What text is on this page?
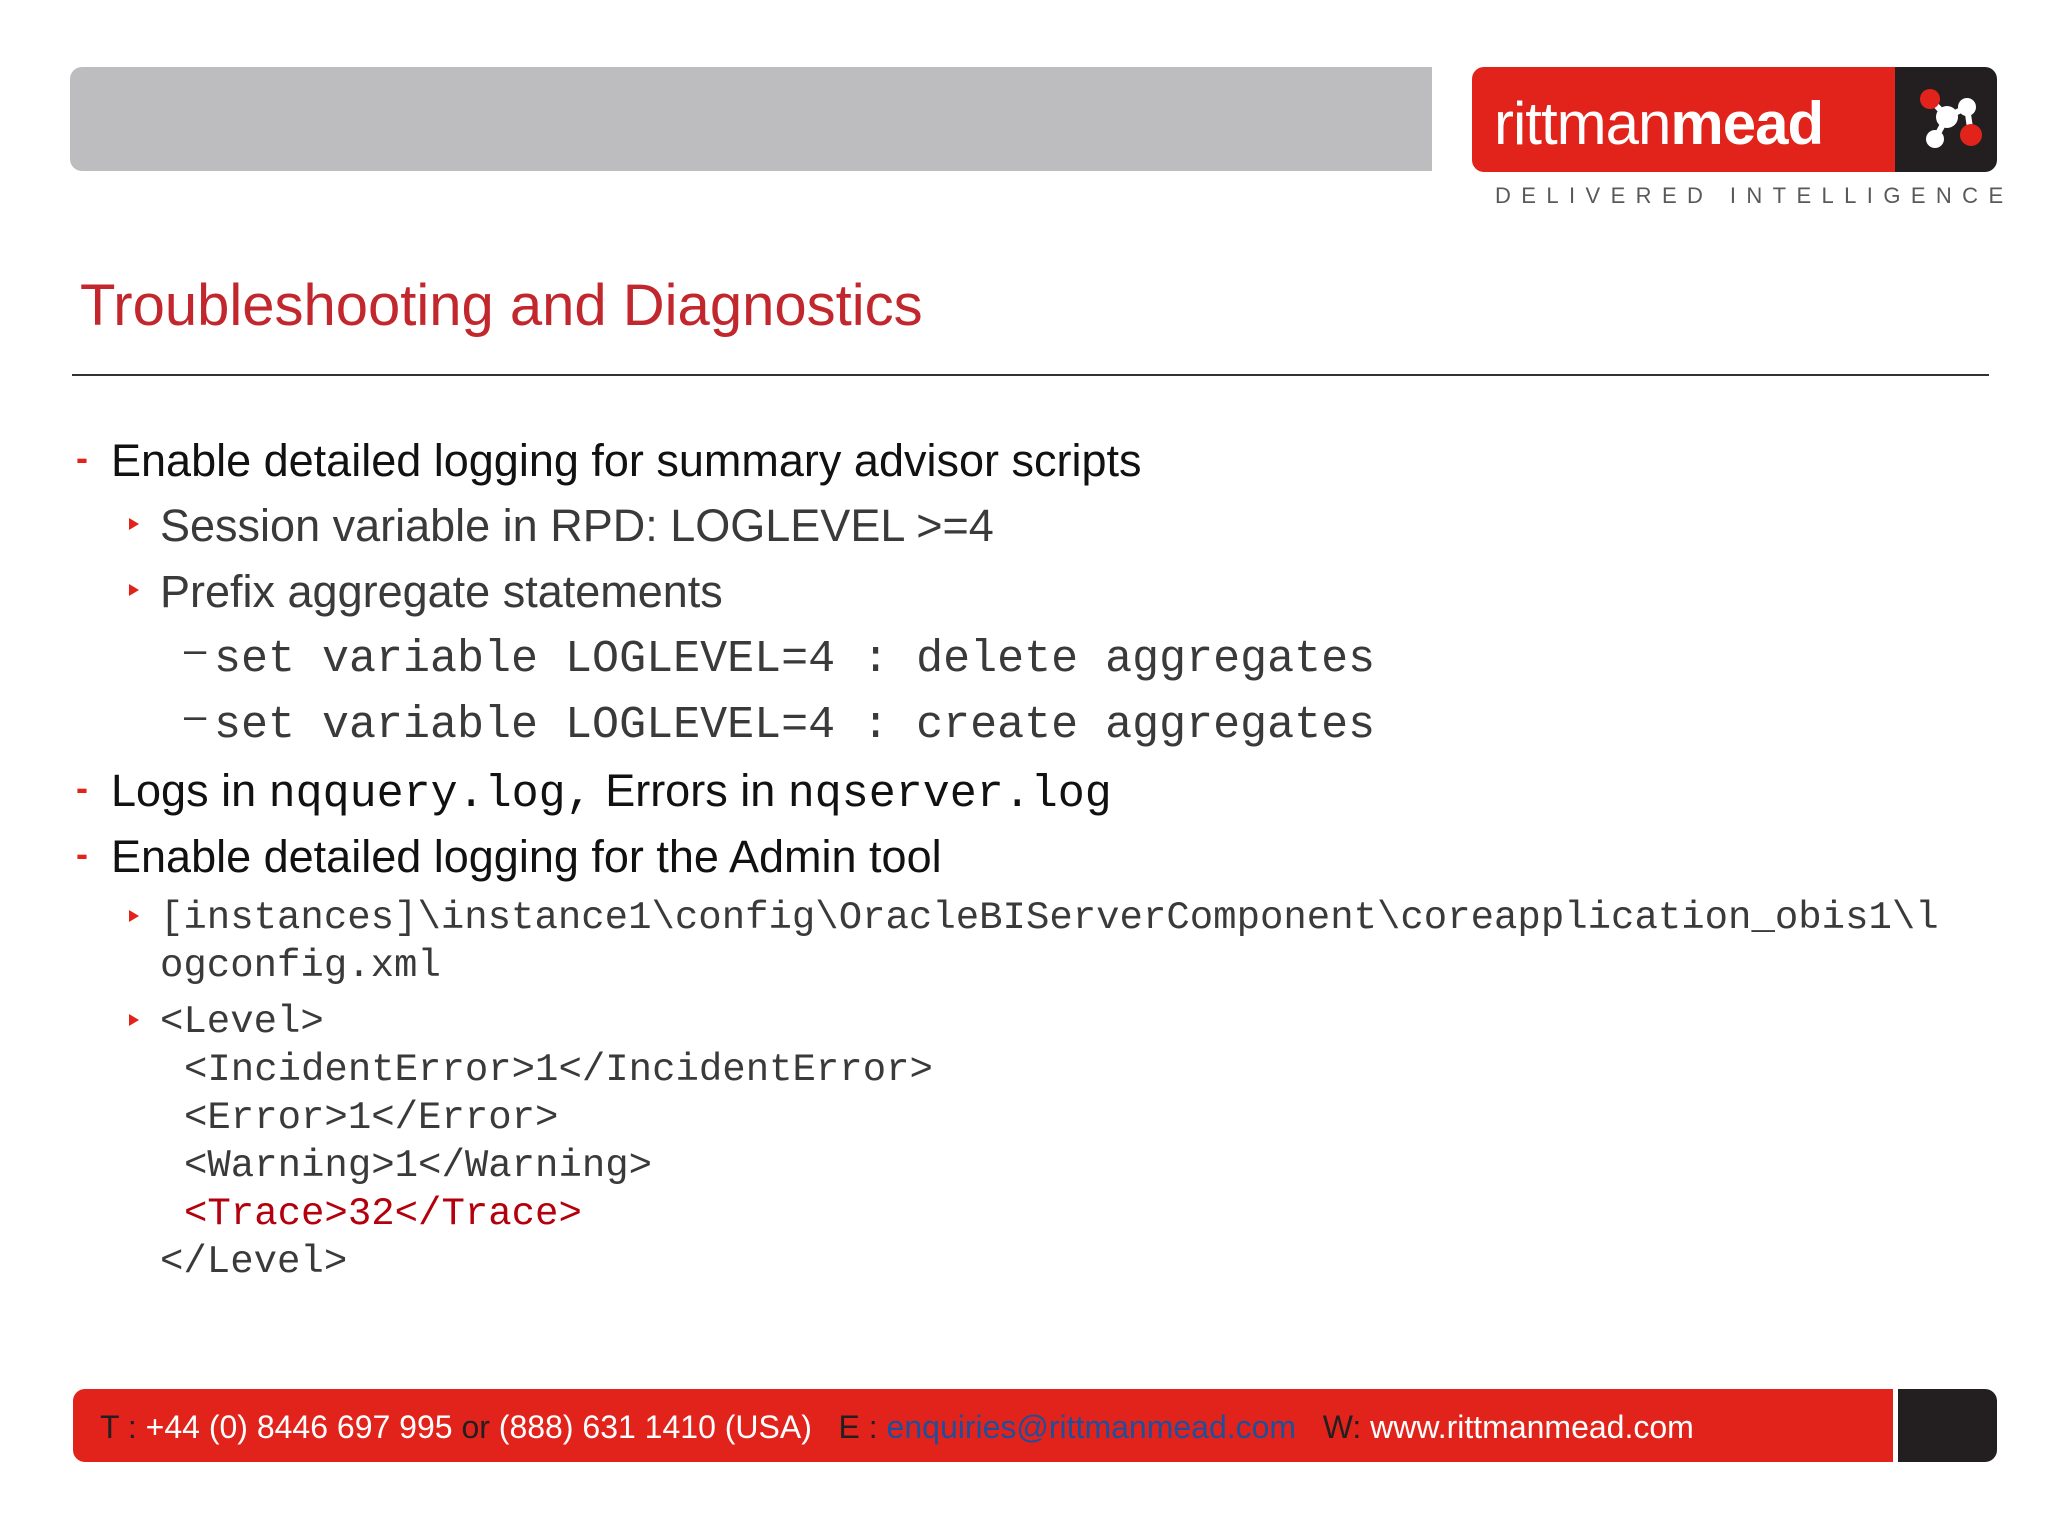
rittmanmead
DELIVERED INTELLIGENCE
Troubleshooting and Diagnostics
- Enable detailed logging for summary advisor scripts
Session variable in RPD: LOGLEVEL >=4
Prefix aggregate statements
– set variable LOGLEVEL=4 : delete aggregates
– set variable LOGLEVEL=4 : create aggregates
- Logs in nqquery.log, Errors in nqserver.log
- Enable detailed logging for the Admin tool
[instances]\instance1\config\OracleBIServerComponent\coreapplication_obis1\l
ogconfig.xml
<Level>
<IncidentError>1</IncidentError>
<Error>1</Error>
<Warning>1</Warning>
<Trace>32</Trace>
</Level>
T : +44 (0) 8446 697 995 or (888) 631 1410 (USA) E : enquiries@rittmanmead.com W: www.rittmanmead.com
